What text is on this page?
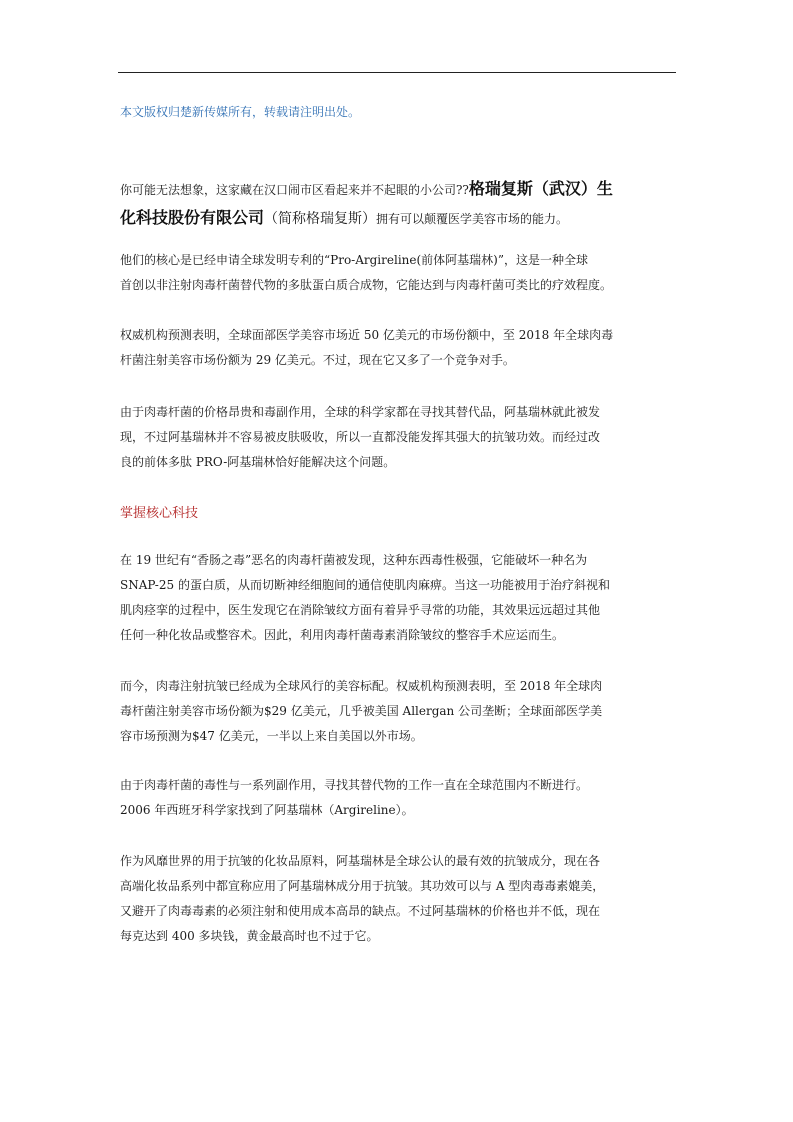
本文版权归楚新传媒所有，转载请注明出处。
你可能无法想象，这家藏在汉口闹市区看起来并不起眼的小公司??格瑞复斯（武汉）生
化科技股份有限公司（简称格瑞复斯）拥有可以颠覆医学美容市场的能力。
他们的核心是已经申请全球发明专利的“Pro-Argireline(前体阿基瑞林)”，这是一种全球
首创以非注射肉毒杆菌替代物的多肽蛋白质合成物，它能达到与肉毒杆菌可类比的疗效程度。
权威机构预测表明，全球面部医学美容市场近 50 亿美元的市场份额中，至 2018 年全球肉毒
杆菌注射美容市场份额为 29 亿美元。不过，现在它又多了一个竞争对手。
由于肉毒杆菌的价格昂贵和毒副作用，全球的科学家都在寻找其替代品，阿基瑞林就此被发
现，不过阿基瑞林并不容易被皮肤吸收，所以一直都没能发挥其强大的抗皱功效。而经过改
良的前体多肽 PRO-阿基瑞林恰好能解决这个问题。
掌握核心科技
在 19 世纪有“香肠之毒”恶名的肉毒杆菌被发现，这种东西毒性极强，它能破坏一种名为
SNAP-25 的蛋白质，从而切断神经细胞间的通信使肌肉麻痹。当这一功能被用于治疗斜视和
肌肉痉挛的过程中，医生发现它在消除皱纹方面有着异乎寻常的功能，其效果远远超过其他
任何一种化妆品或整容术。因此，利用肉毒杆菌毒素消除皱纹的整容手术应运而生。
而今，肉毒注射抗皱已经成为全球风行的美容标配。权威机构预测表明，至 2018 年全球肉
毒杆菌注射美容市场份额为$29 亿美元，几乎被美国 Allergan 公司垄断；全球面部医学美
容市场预测为$47 亿美元，一半以上来自美国以外市场。
由于肉毒杆菌的毒性与一系列副作用，寻找其替代物的工作一直在全球范围内不断进行。
2006 年西班牙科学家找到了阿基瑞林（Argireline）。
作为风靡世界的用于抗皱的化妆品原料，阿基瑞林是全球公认的最有效的抗皱成分，现在各
高端化妆品系列中都宣称应用了阿基瑞林成分用于抗皱。其功效可以与 A 型肉毒毒素媲美，
又避开了肉毒毒素的必须注射和使用成本高昂的缺点。不过阿基瑞林的价格也并不低，现在
每克达到 400 多块钱，黄金最高时也不过于它。
